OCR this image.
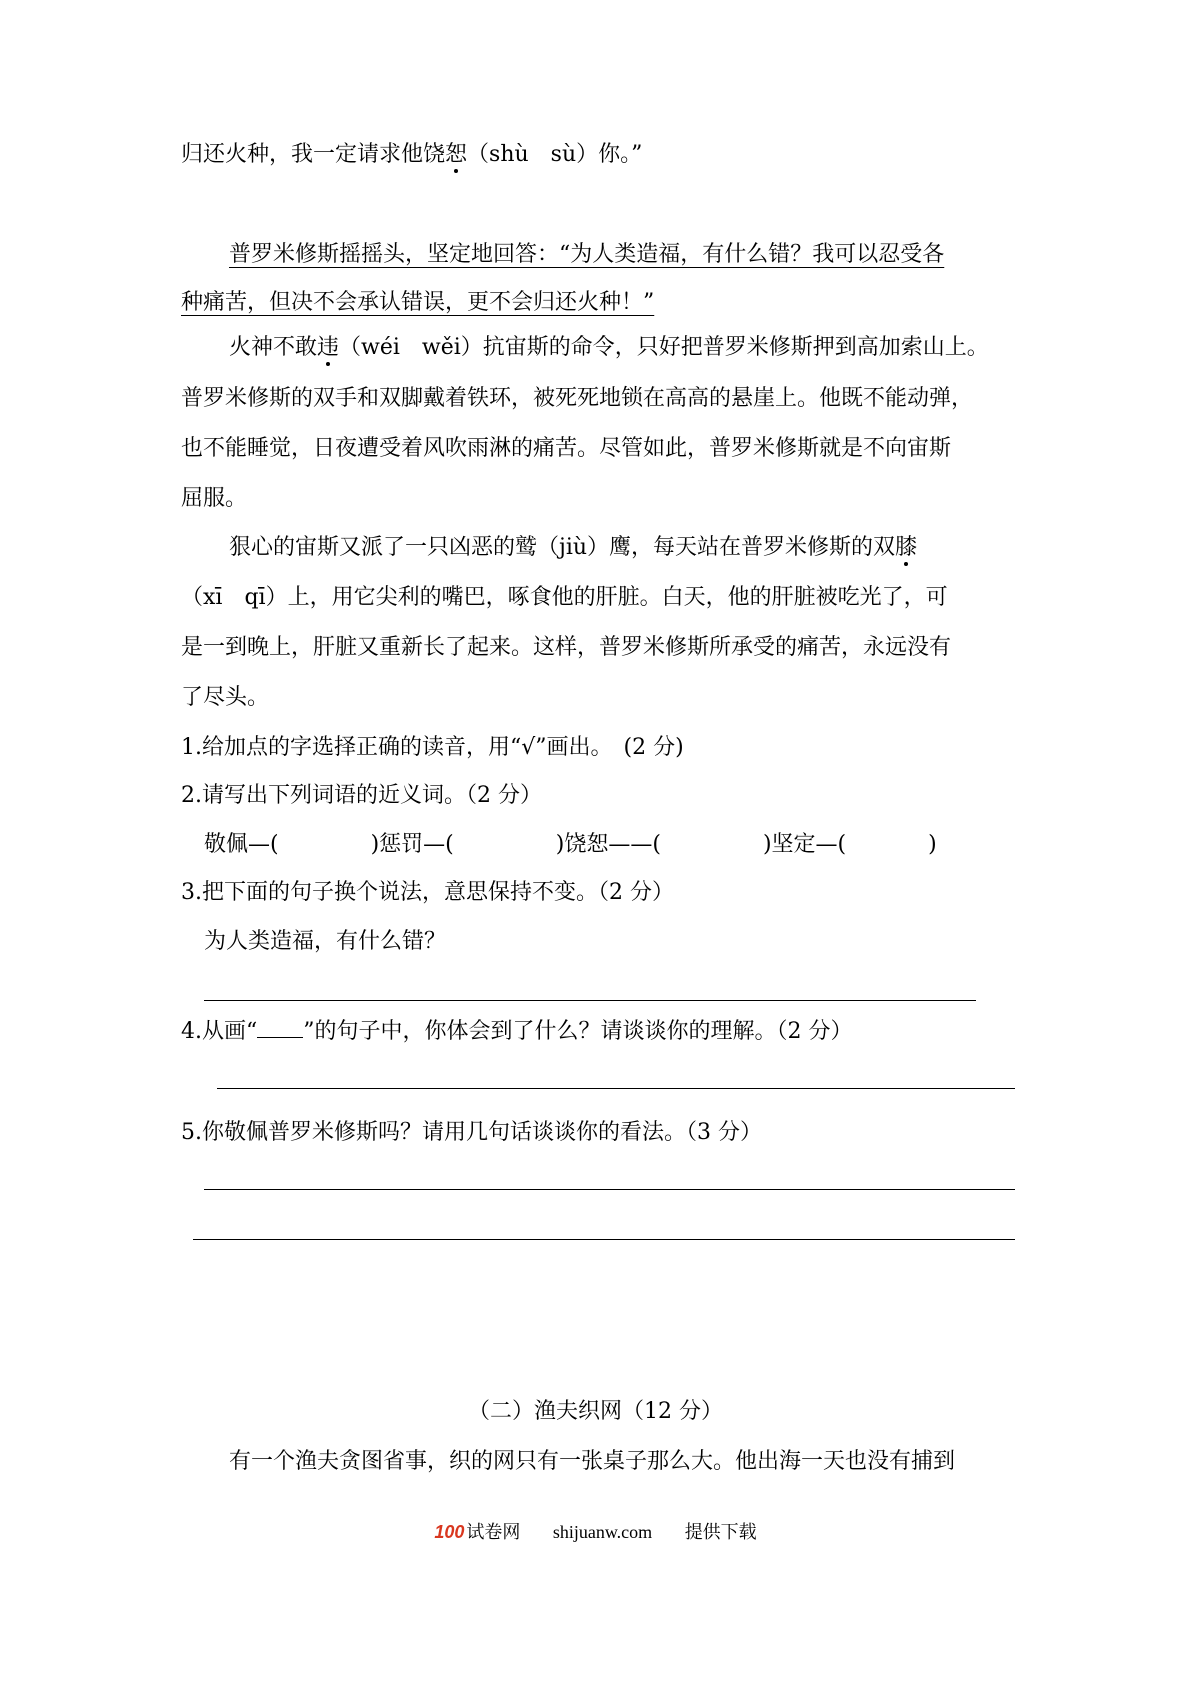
归还火种，我一定请求他饶恕（shù　sù）你。”
普罗米修斯摇摇头，坚定地回答：“为人类造福，有什么错？我可以忍受各
种痛苦，但决不会承认错误，更不会归还火种！”
火神不敢违（wéi　wěi）抗宙斯的命令，只好把普罗米修斯押到高加索山上。
普罗米修斯的双手和双脚戴着铁环，被死死地锁在高高的悬崖上。他既不能动弹，
也不能睡觉，日夜遭受着风吹雨淋的痛苦。尽管如此，普罗米修斯就是不向宙斯
屈服。
狠心的宙斯又派了一只凶恶的鹫（jiù）鹰，每天站在普罗米修斯的双膝
（xī　qī）上，用它尖利的嘴巴，啄食他的肝脏。白天，他的肝脏被吃光了，可
是一到晚上，肝脏又重新长了起来。这样，普罗米修斯所承受的痛苦，永远没有
了尽头。
1.给加点的字选择正确的读音，用“√”画出。　(2 分)
2.请写出下列词语的近义词。（2 分）
敬佩—(	)惩罚—(	)饶恕——(	)坚定—(	)
3.把下面的句子换个说法，意思保持不变。（2 分）
为人类造福，有什么错？
4.从画“ ”的句子中，你体会到了什么？请谈谈你的理解。（2 分）
5.你敬佩普罗米修斯吗？请用几句话谈谈你的看法。（3 分）
（二）渔夫织网（12 分）
有一个渔夫贪图省事，织的网只有一张桌子那么大。他出海一天也没有捕到
100 试卷网 shijuanw.com 提供下载
